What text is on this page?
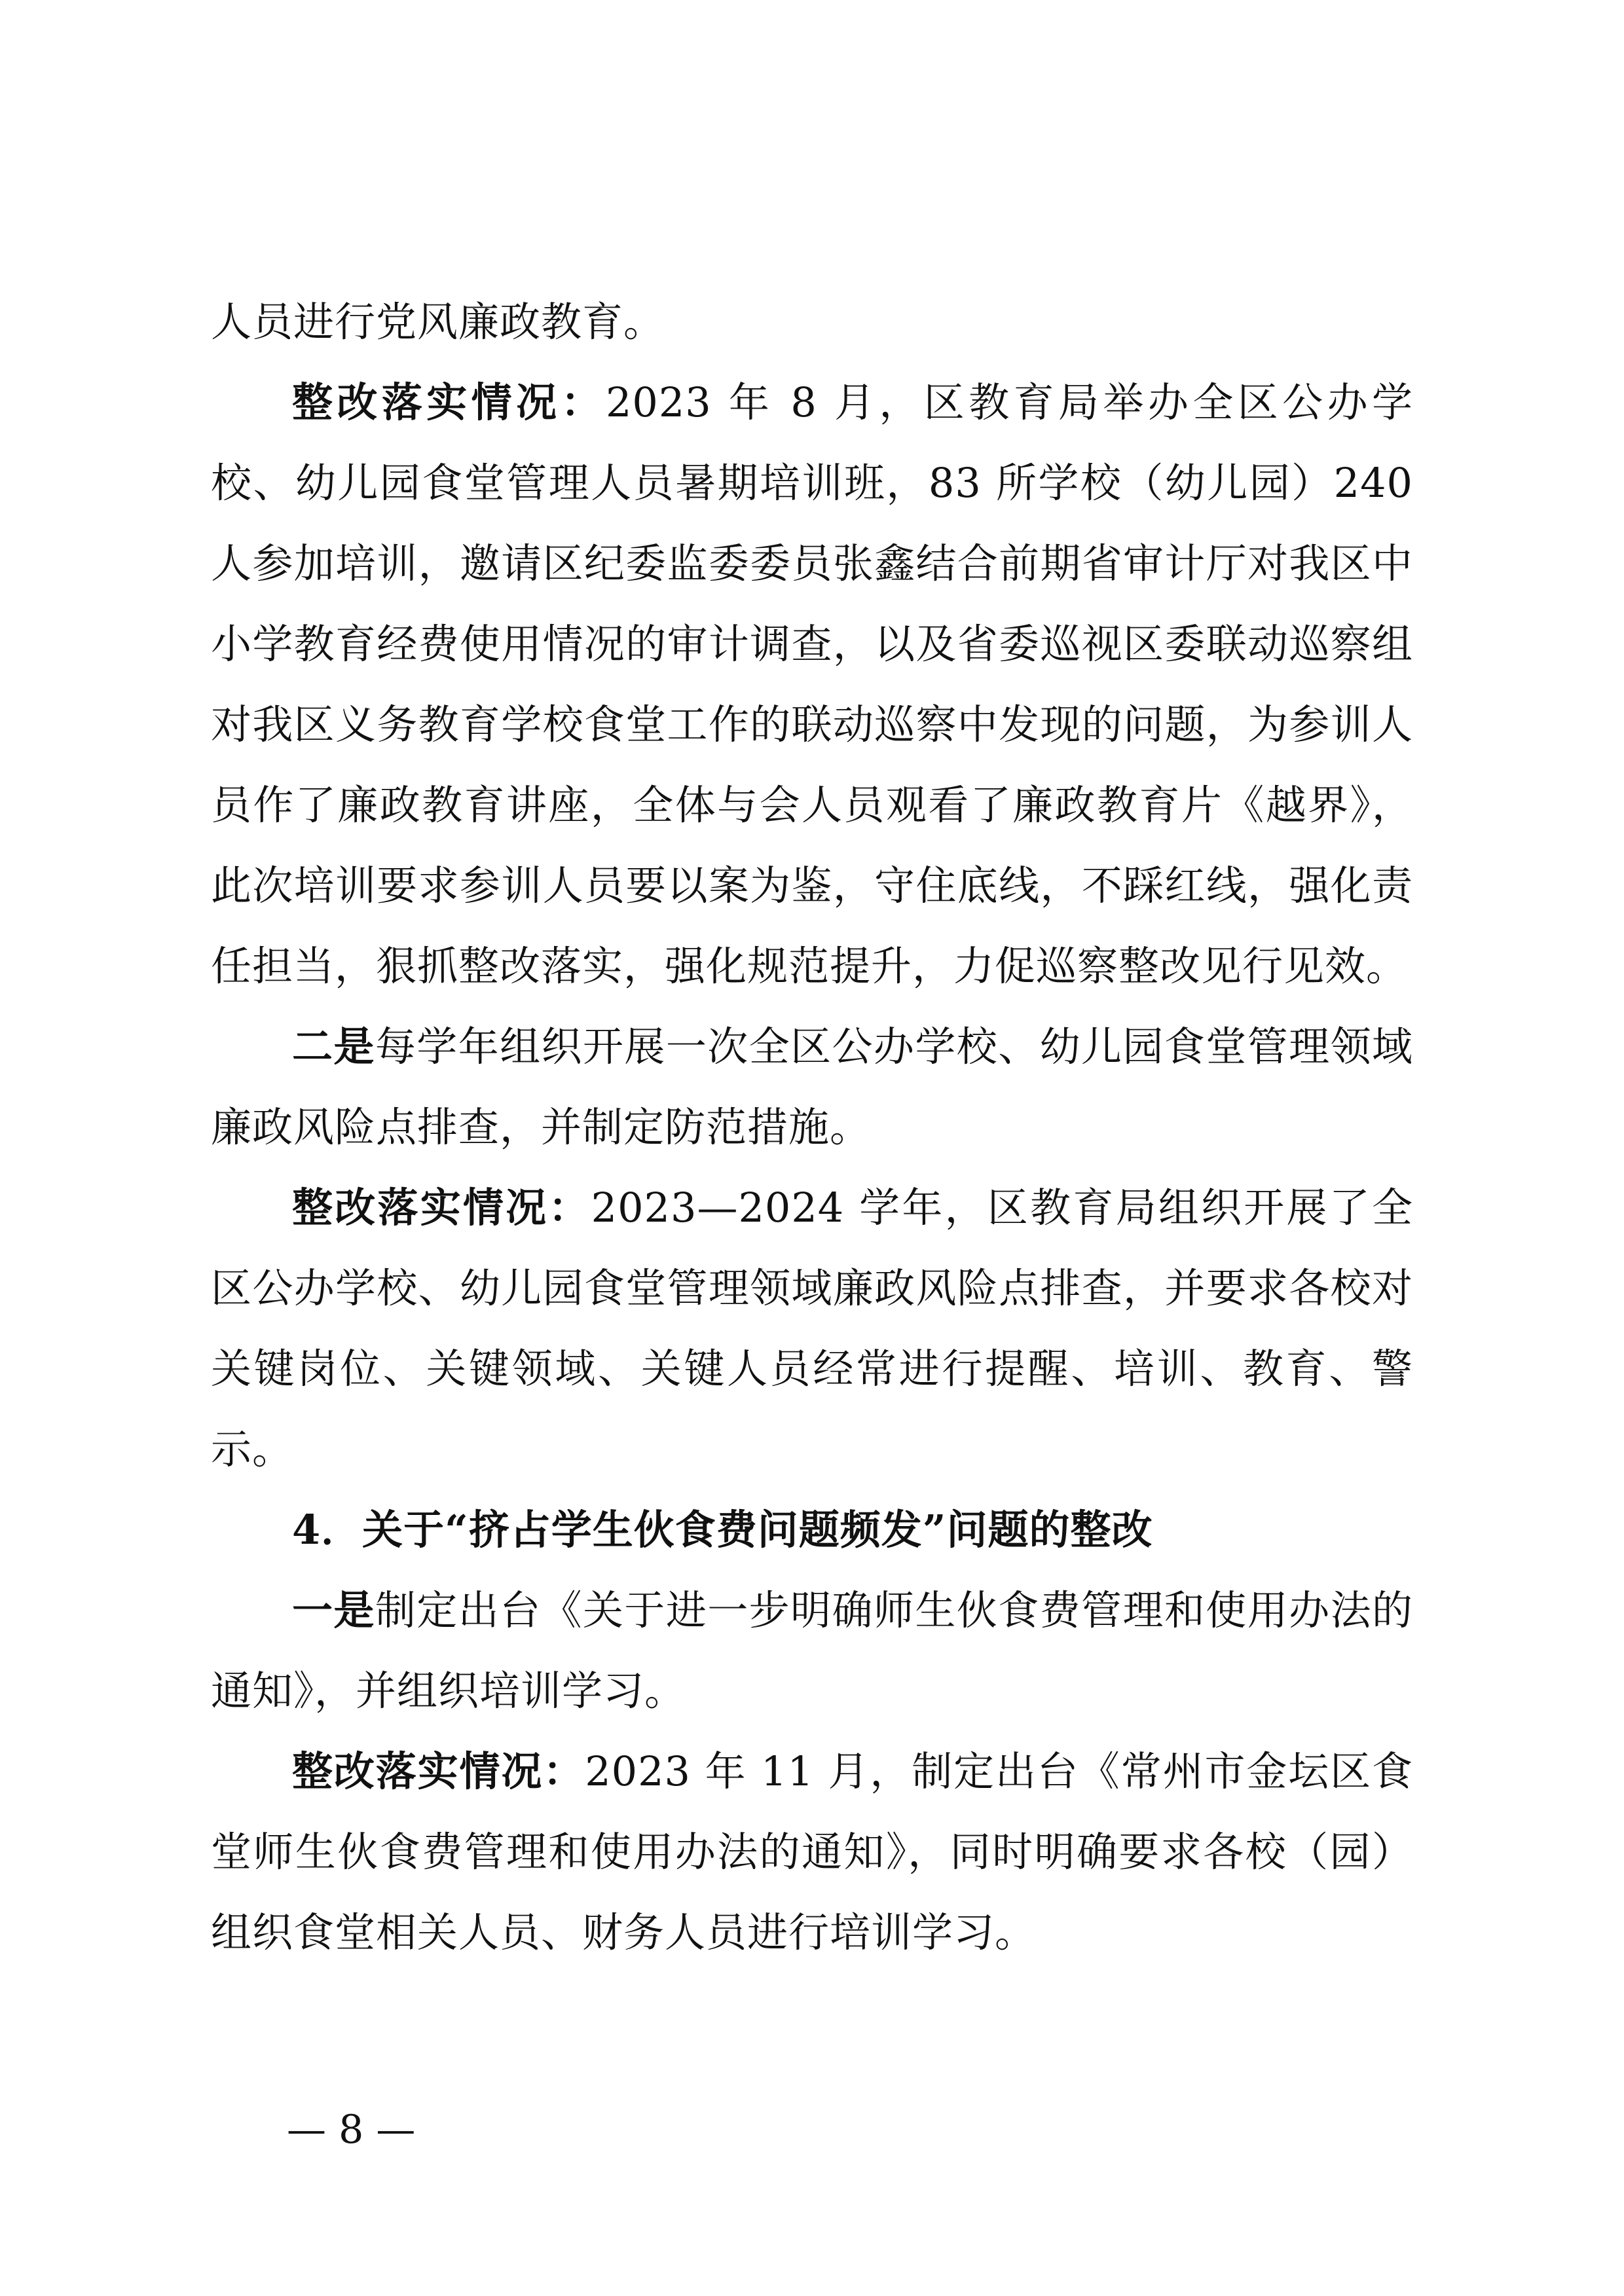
人员进行党风廉政教育。

整改落实情况：2023 年 8 月，区教育局举办全区公办学校、幼儿园食堂管理人员暑期培训班，83 所学校（幼儿园）240 人参加培训，邀请区纪委监委委员张鑫结合前期省审计厅对我区中小学教育经费使用情况的审计调查，以及省委巡视区委联动巡察组对我区义务教育学校食堂工作的联动巡察中发现的问题，为参训人员作了廉政教育讲座，全体与会人员观看了廉政教育片《越界》，此次培训要求参训人员要以案为鉴，守住底线，不踩红线，强化责任担当，狠抓整改落实，强化规范提升，力促巡察整改见行见效。

二是每学年组织开展一次全区公办学校、幼儿园食堂管理领域廉政风险点排查，并制定防范措施。

整改落实情况：2023—2024 学年，区教育局组织开展了全区公办学校、幼儿园食堂管理领域廉政风险点排查，并要求各校对关键岗位、关键领域、关键人员经常进行提醒、培训、教育、警示。

4．关于“挤占学生伙食费问题频发”问题的整改

一是制定出台《关于进一步明确师生伙食费管理和使用办法的通知》，并组织培训学习。

整改落实情况：2023 年 11 月，制定出台《常州市金坛区食堂师生伙食费管理和使用办法的通知》，同时明确要求各校（园）组织食堂相关人员、财务人员进行培训学习。

— 8 —
